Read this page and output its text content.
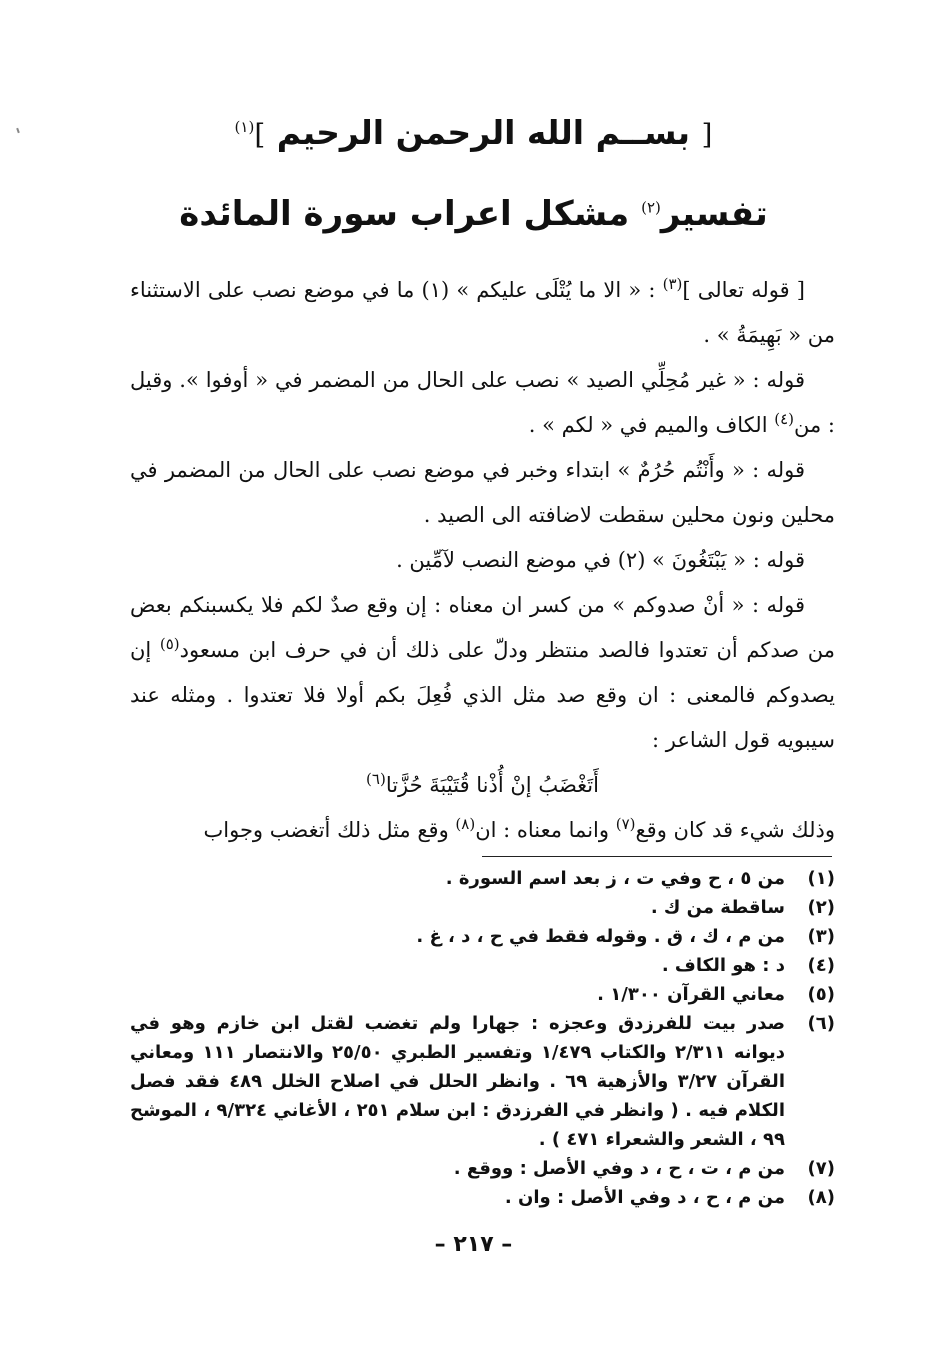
[ بســم الله الرحمن الرحيم ]$^{(١)}$
تفسير$^{(٢)}$ مشكل اعراب سورة المائدة

[ قوله تعالى ]$^{(٣)}$ : « الا ما يُتْلَى عليكم » (١) ما في موضع نصب على الاستثناء من « بَهِيمَةُ » .

قوله : « غير مُحِلِّي الصيد » نصب على الحال من المضمر في « أوفوا ». وقيل : من$^{(٤)}$ الكاف والميم في « لكم » .

قوله : « وأَنْتُم حُرُمٌ » ابتداء وخبر في موضع نصب على الحال من المضمر في محلين ونون محلين سقطت لاضافته الى الصيد .

قوله : « يَبْتَغُونَ » (٢) في موضع النصب لآمِّين .

قوله : « أنْ صدوكم » من كسر ان معناه : إن وقع صدٌ لكم فلا يكسبنكم بعض من صدكم أن تعتدوا فالصد منتظر ودلّ على ذلك أن في حرف ابن مسعود$^{(٥)}$ إن يصدوكم فالمعنى : ان وقع صد مثل الذي فُعِلَ بكم أولا فلا تعتدوا . ومثله عند سيبويه قول الشاعر :

أَتَغْضَبُ إنْ أُذْنا قُتَيْبَةَ حُزَّتا$^{(٦)}$

وذلك شيء قد كان وقع$^{(٧)}$ وانما معناه : ان$^{(٨)}$ وقع مثل ذلك أتغضب وجواب

(١)
من ٥ ، ح وفي ت ، ز بعد اسم السورة .
(٢)
ساقطة من ك .
(٣)
من م ، ك ، ق . وقوله فقط في ح ، د ، غ .
(٤)
د : هو الكاف .
(٥)
معاني القرآن ١/٣٠٠ .
(٦)
صدر بيت للفرزدق وعجزه : جهارا ولم تغضب لقتل ابن خازم وهو في ديوانه ٢/٣١١ والكتاب ١/٤٧٩ وتفسير الطبري ٢٥/٥٠ والانتصار ١١١ ومعاني القرآن ٣/٢٧ والأزهية ٦٩ . وانظر الحلل في اصلاح الخلل ٤٨٩ فقد فصل الكلام فيه . ( وانظر في الفرزدق : ابن سلام ٢٥١ ، الأغاني ٩/٣٢٤ ، الموشح ٩٩ ، الشعر والشعراء ٤٧١ ) .
(٧)
من م ، ت ، ح ، د وفي الأصل : ووقع .
(٨)
من م ، ح ، د وفي الأصل : وان .
– ٢١٧ –
